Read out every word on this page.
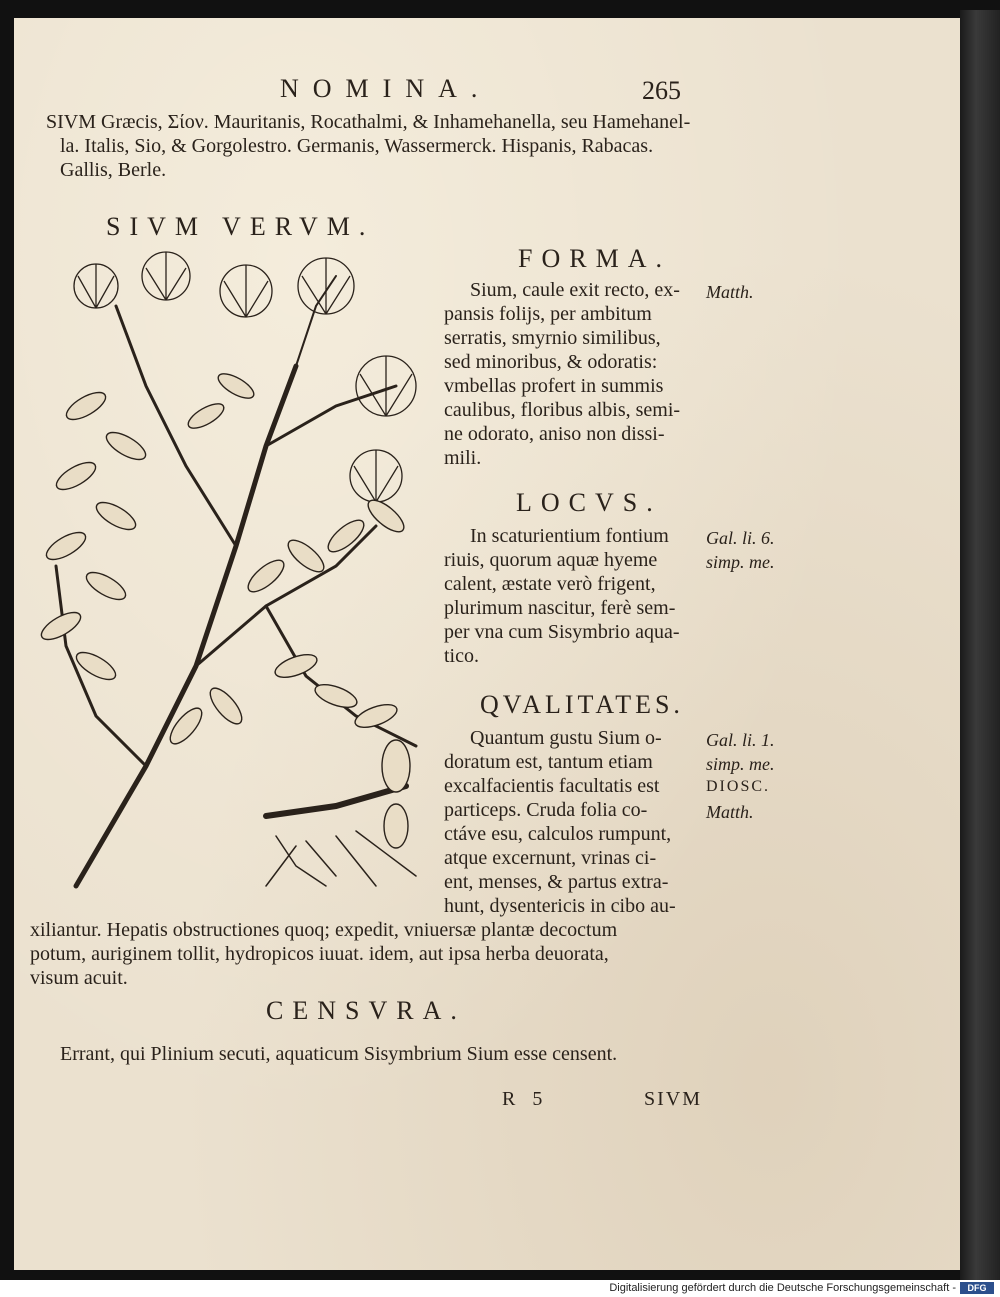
NOMINA.	265
SIVM Græcis, Σίον. Mauritanis, Rocathalmi, & Inhamehanella, seu Hamehanel-
la. Italis, Sio, & Gorgolestro. Germanis, Wassermerck. Hispanis, Rabacas.
Gallis, Berle.
SIVM VERVM.
FORMA.
Sium, caule exit recto, ex-
pansis folijs, per ambitum
serratis, smyrnio similibus,
sed minoribus, & odoratis:
vmbellas profert in summis
caulibus, floribus albis, semi-
ne odorato, aniso non dissi-
mili.
Matth.
LOCVS.
In scaturientium fontium
riuis, quorum aquæ hyeme
calent, æstate verò frigent,
plurimum nascitur, ferè sem-
per vna cum Sisymbrio aqua-
tico.
Gal. li. 6.
simp. me.
QVALITATES.
Quantum gustu Sium o-
doratum est, tantum etiam
excalfacientis facultatis est
particeps. Cruda folia co-
ctáve esu, calculos rumpunt,
atque excernunt, vrinas ci-
ent, menses, & partus extra-
hunt, dysentericis in cibo au-
Gal. li. 1.
simp. me.
DIOSC.
Matth.
xiliantur. Hepatis obstructiones quoq; expedit, vniuersæ plantæ decoctum
potum, auriginem tollit, hydropicos iuuat. idem, aut ipsa herba deuorata,
visum acuit.
CENSVRA.
Errant, qui Plinium secuti, aquaticum Sisymbrium Sium esse censent.
R 5	SIVM
Digitalisierung gefördert durch die Deutsche Forschungsgemeinschaft -	DFG
